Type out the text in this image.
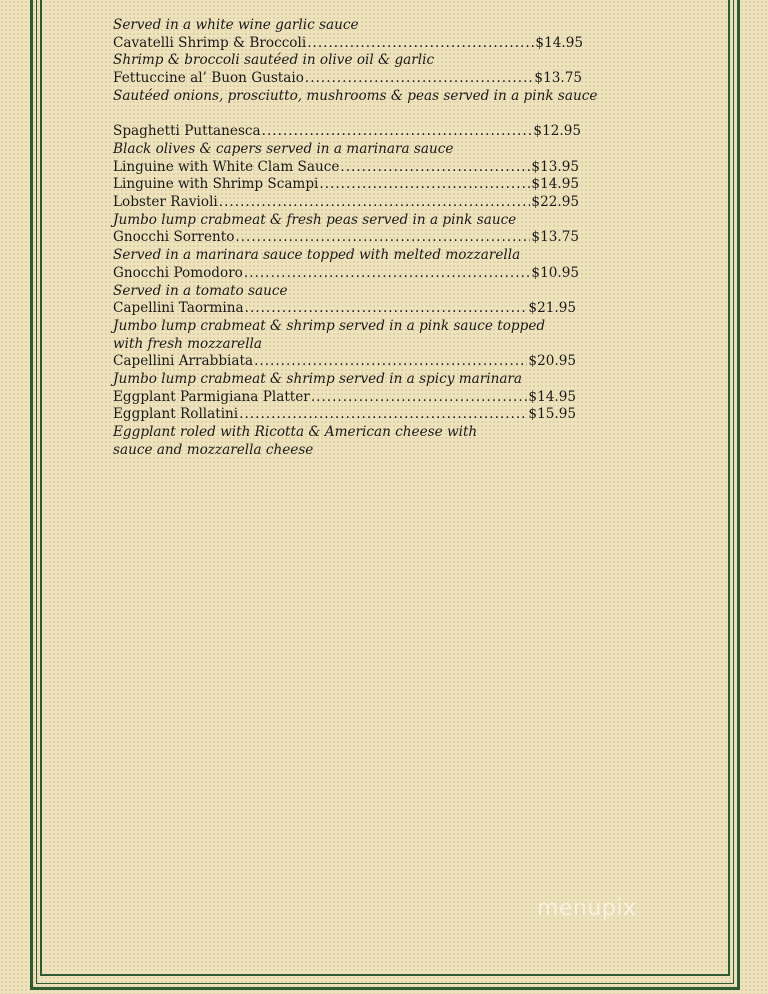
Served in a white wine garlic sauce
Cavatelli Shrimp & Broccoli .....	$14.95
Shrimp & broccoli sautéed in olive oil & garlic
Fettuccine al’ Buon Gustaio .....	$13.75
Sautéed onions, prosciutto, mushrooms & peas served in a pink sauce
Spaghetti Puttanesca .....	$12.95
Black olives & capers served in a marinara sauce
Linguine with White Clam Sauce .....	$13.95
Linguine with Shrimp Scampi .....	$14.95
Lobster Ravioli .....	$22.95
Jumbo lump crabmeat & fresh peas served in a pink sauce
Gnocchi Sorrento .....	$13.75
Served in a marinara sauce topped with melted mozzarella
Gnocchi Pomodoro .....	$10.95
Served in a tomato sauce
Capellini Taormina .....	$21.95
Jumbo lump crabmeat & shrimp served in a pink sauce topped
with fresh mozzarella
Capellini Arrabbiata .....	$20.95
Jumbo lump crabmeat & shrimp served in a spicy marinara
Eggplant Parmigiana Platter .....	$14.95
Eggplant Rollatini .....	$15.95
Eggplant roled with Ricotta & American cheese with
sauce and mozzarella cheese
menupix
